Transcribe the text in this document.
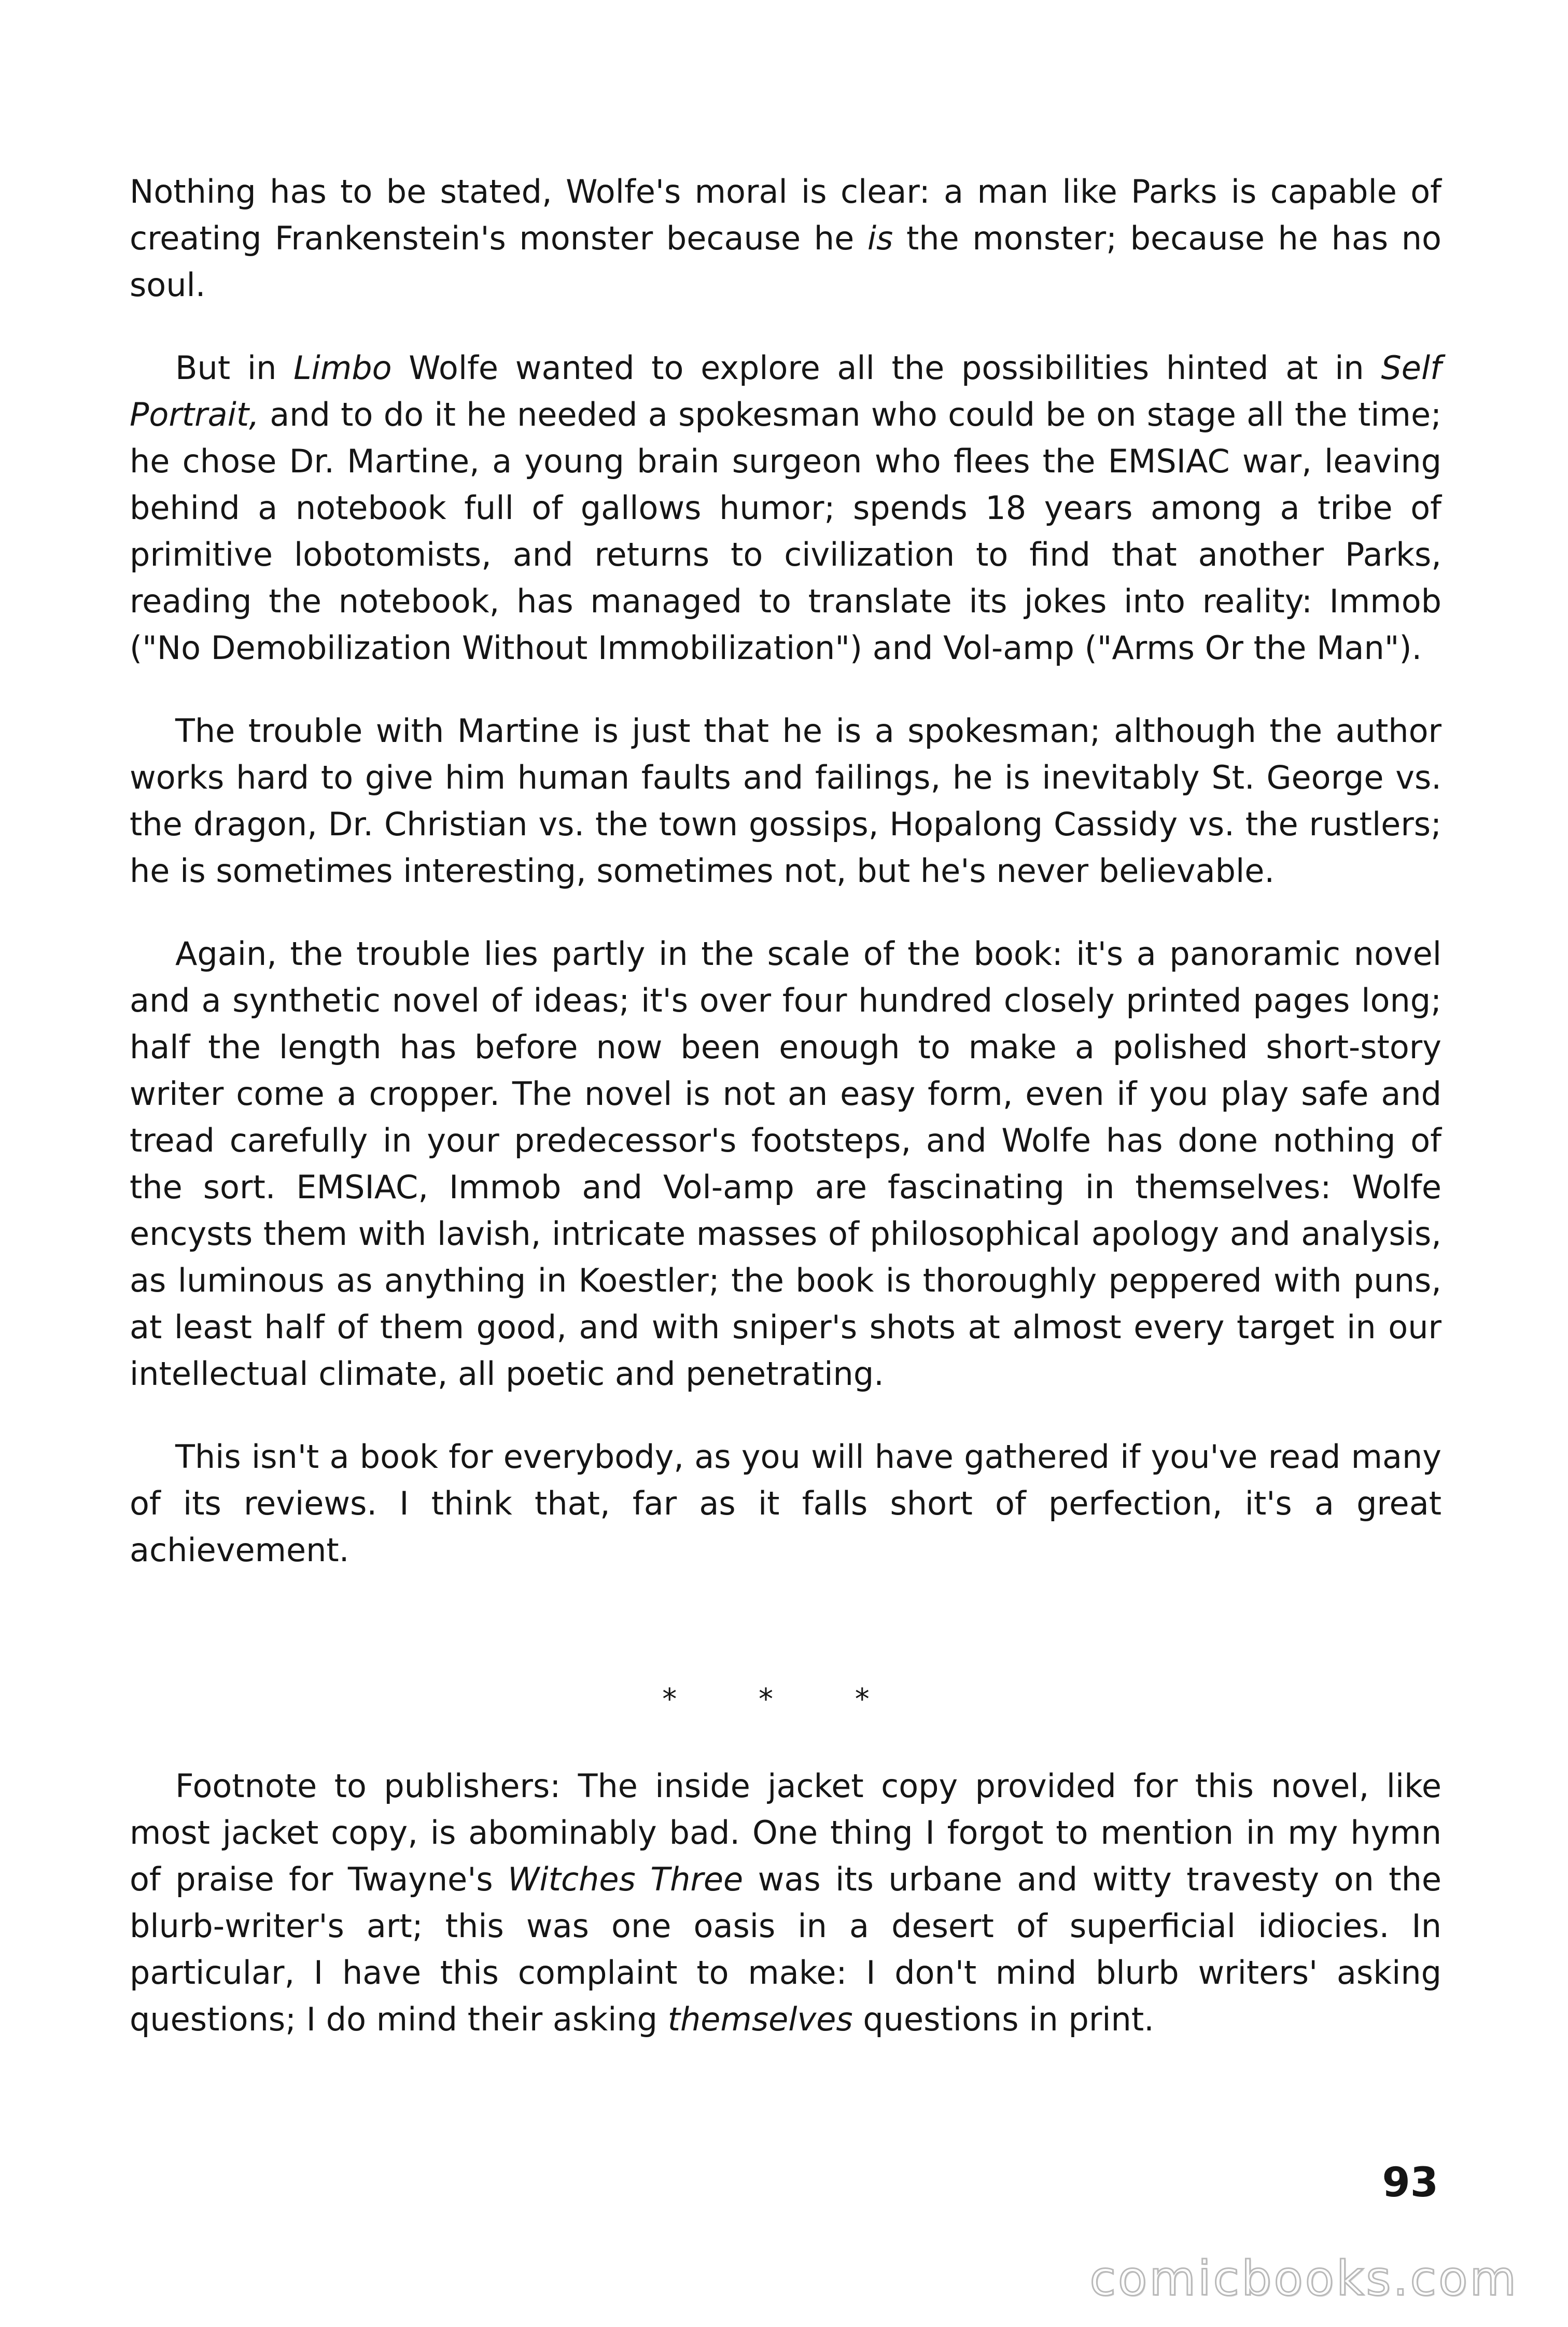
Nothing has to be stated, Wolfe's moral is clear: a man like Parks is capable of creating Frankenstein's monster because he is the monster; because he has no soul.

But in Limbo Wolfe wanted to explore all the possibilities hinted at in Self Portrait, and to do it he needed a spokesman who could be on stage all the time; he chose Dr. Martine, a young brain surgeon who flees the EMSIAC war, leaving behind a notebook full of gallows humor; spends 18 years among a tribe of primitive lobotomists, and returns to civilization to find that another Parks, reading the notebook, has managed to translate its jokes into reality: Immob ("No Demobilization Without Immobilization") and Vol-amp ("Arms Or the Man").

The trouble with Martine is just that he is a spokesman; although the author works hard to give him human faults and failings, he is inevitably St. George vs. the dragon, Dr. Christian vs. the town gossips, Hopalong Cassidy vs. the rustlers; he is sometimes interesting, sometimes not, but he's never believable.

Again, the trouble lies partly in the scale of the book: it's a panoramic novel and a synthetic novel of ideas; it's over four hundred closely printed pages long; half the length has before now been enough to make a polished short-story writer come a cropper. The novel is not an easy form, even if you play safe and tread carefully in your predecessor's footsteps, and Wolfe has done nothing of the sort. EMSIAC, Immob and Vol-amp are fascinating in themselves: Wolfe encysts them with lavish, intricate masses of philosophical apology and analysis, as luminous as anything in Koestler; the book is thoroughly peppered with puns, at least half of them good, and with sniper's shots at almost every target in our intellectual climate, all poetic and penetrating.

This isn't a book for everybody, as you will have gathered if you've read many of its reviews. I think that, far as it falls short of perfection, it's a great achievement.

* * *

Footnote to publishers: The inside jacket copy provided for this novel, like most jacket copy, is abominably bad. One thing I forgot to mention in my hymn of praise for Twayne's Witches Three was its urbane and witty travesty on the blurb-writer's art; this was one oasis in a desert of superficial idiocies. In particular, I have this complaint to make: I don't mind blurb writers' asking questions; I do mind their asking themselves questions in print.

93
comicbooks.com
